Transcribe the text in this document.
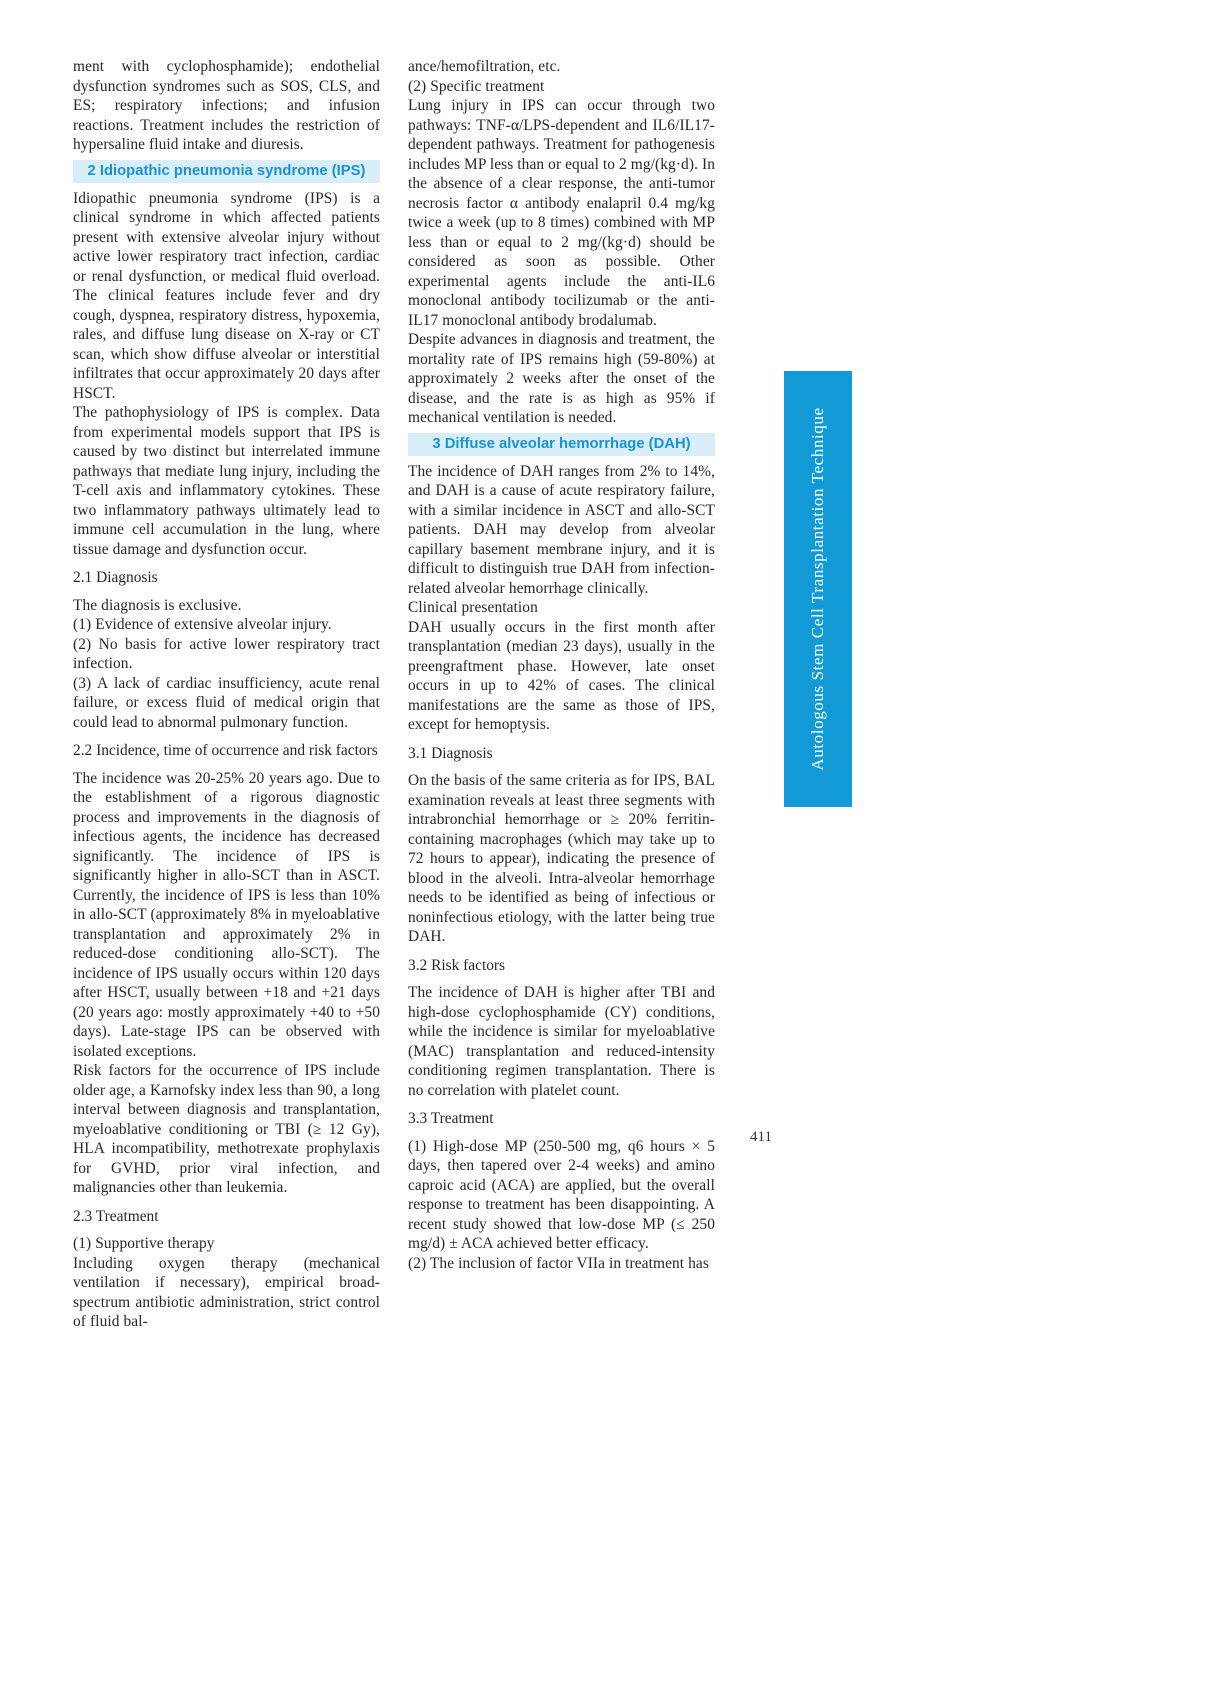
ment with cyclophosphamide); endothelial dysfunction syndromes such as SOS, CLS, and ES; respiratory infections; and infusion reactions. Treatment includes the restriction of hypersaline fluid intake and diuresis.

2 Idiopathic pneumonia syndrome (IPS)

Idiopathic pneumonia syndrome (IPS) is a clinical syndrome in which affected patients present with extensive alveolar injury without active lower respiratory tract infection, cardiac or renal dysfunction, or medical fluid overload. The clinical features include fever and dry cough, dyspnea, respiratory distress, hypoxemia, rales, and diffuse lung disease on X-ray or CT scan, which show diffuse alveolar or interstitial infiltrates that occur approximately 20 days after HSCT.

The pathophysiology of IPS is complex. Data from experimental models support that IPS is caused by two distinct but interrelated immune pathways that mediate lung injury, including the T-cell axis and inflammatory cytokines. These two inflammatory pathways ultimately lead to immune cell accumulation in the lung, where tissue damage and dysfunction occur.

2.1 Diagnosis

The diagnosis is exclusive.

(1) Evidence of extensive alveolar injury.

(2) No basis for active lower respiratory tract infection.

(3) A lack of cardiac insufficiency, acute renal failure, or excess fluid of medical origin that could lead to abnormal pulmonary function.

2.2 Incidence, time of occurrence and risk factors

The incidence was 20-25% 20 years ago. Due to the establishment of a rigorous diagnostic process and improvements in the diagnosis of infectious agents, the incidence has decreased significantly. The incidence of IPS is significantly higher in allo-SCT than in ASCT. Currently, the incidence of IPS is less than 10% in allo-SCT (approximately 8% in myeloablative transplantation and approximately 2% in reduced-dose conditioning allo-SCT). The incidence of IPS usually occurs within 120 days after HSCT, usually between +18 and +21 days (20 years ago: mostly approximately +40 to +50 days). Late-stage IPS can be observed with isolated exceptions.

Risk factors for the occurrence of IPS include older age, a Karnofsky index less than 90, a long interval between diagnosis and transplantation, myeloablative conditioning or TBI (≥ 12 Gy), HLA incompatibility, methotrexate prophylaxis for GVHD, prior viral infection, and malignancies other than leukemia.

2.3 Treatment

(1) Supportive therapy

Including oxygen therapy (mechanical ventilation if necessary), empirical broad-spectrum antibiotic administration, strict control of fluid bal-

ance/hemofiltration, etc.

(2) Specific treatment

Lung injury in IPS can occur through two pathways: TNF-α/LPS-dependent and IL6/IL17-dependent pathways. Treatment for pathogenesis includes MP less than or equal to 2 mg/(kg·d). In the absence of a clear response, the anti-tumor necrosis factor α antibody enalapril 0.4 mg/kg twice a week (up to 8 times) combined with MP less than or equal to 2 mg/(kg·d) should be considered as soon as possible. Other experimental agents include the anti-IL6 monoclonal antibody tocilizumab or the anti-IL17 monoclonal antibody brodalumab.

Despite advances in diagnosis and treatment, the mortality rate of IPS remains high (59-80%) at approximately 2 weeks after the onset of the disease, and the rate is as high as 95% if mechanical ventilation is needed.

3 Diffuse alveolar hemorrhage (DAH)

The incidence of DAH ranges from 2% to 14%, and DAH is a cause of acute respiratory failure, with a similar incidence in ASCT and allo-SCT patients. DAH may develop from alveolar capillary basement membrane injury, and it is difficult to distinguish true DAH from infection-related alveolar hemorrhage clinically.

Clinical presentation

DAH usually occurs in the first month after transplantation (median 23 days), usually in the preengraftment phase. However, late onset occurs in up to 42% of cases. The clinical manifestations are the same as those of IPS, except for hemoptysis.

3.1 Diagnosis

On the basis of the same criteria as for IPS, BAL examination reveals at least three segments with intrabronchial hemorrhage or ≥ 20% ferritin-containing macrophages (which may take up to 72 hours to appear), indicating the presence of blood in the alveoli. Intra-alveolar hemorrhage needs to be identified as being of infectious or noninfectious etiology, with the latter being true DAH.

3.2 Risk factors

The incidence of DAH is higher after TBI and high-dose cyclophosphamide (CY) conditions, while the incidence is similar for myeloablative (MAC) transplantation and reduced-intensity conditioning regimen transplantation. There is no correlation with platelet count.

3.3 Treatment

(1) High-dose MP (250-500 mg, q6 hours × 5 days, then tapered over 2-4 weeks) and amino caproic acid (ACA) are applied, but the overall response to treatment has been disappointing. A recent study showed that low-dose MP (≤ 250 mg/d) ± ACA achieved better efficacy.

(2) The inclusion of factor VIIa in treatment has

Autologous Stem Cell Transplantation Technique
411
